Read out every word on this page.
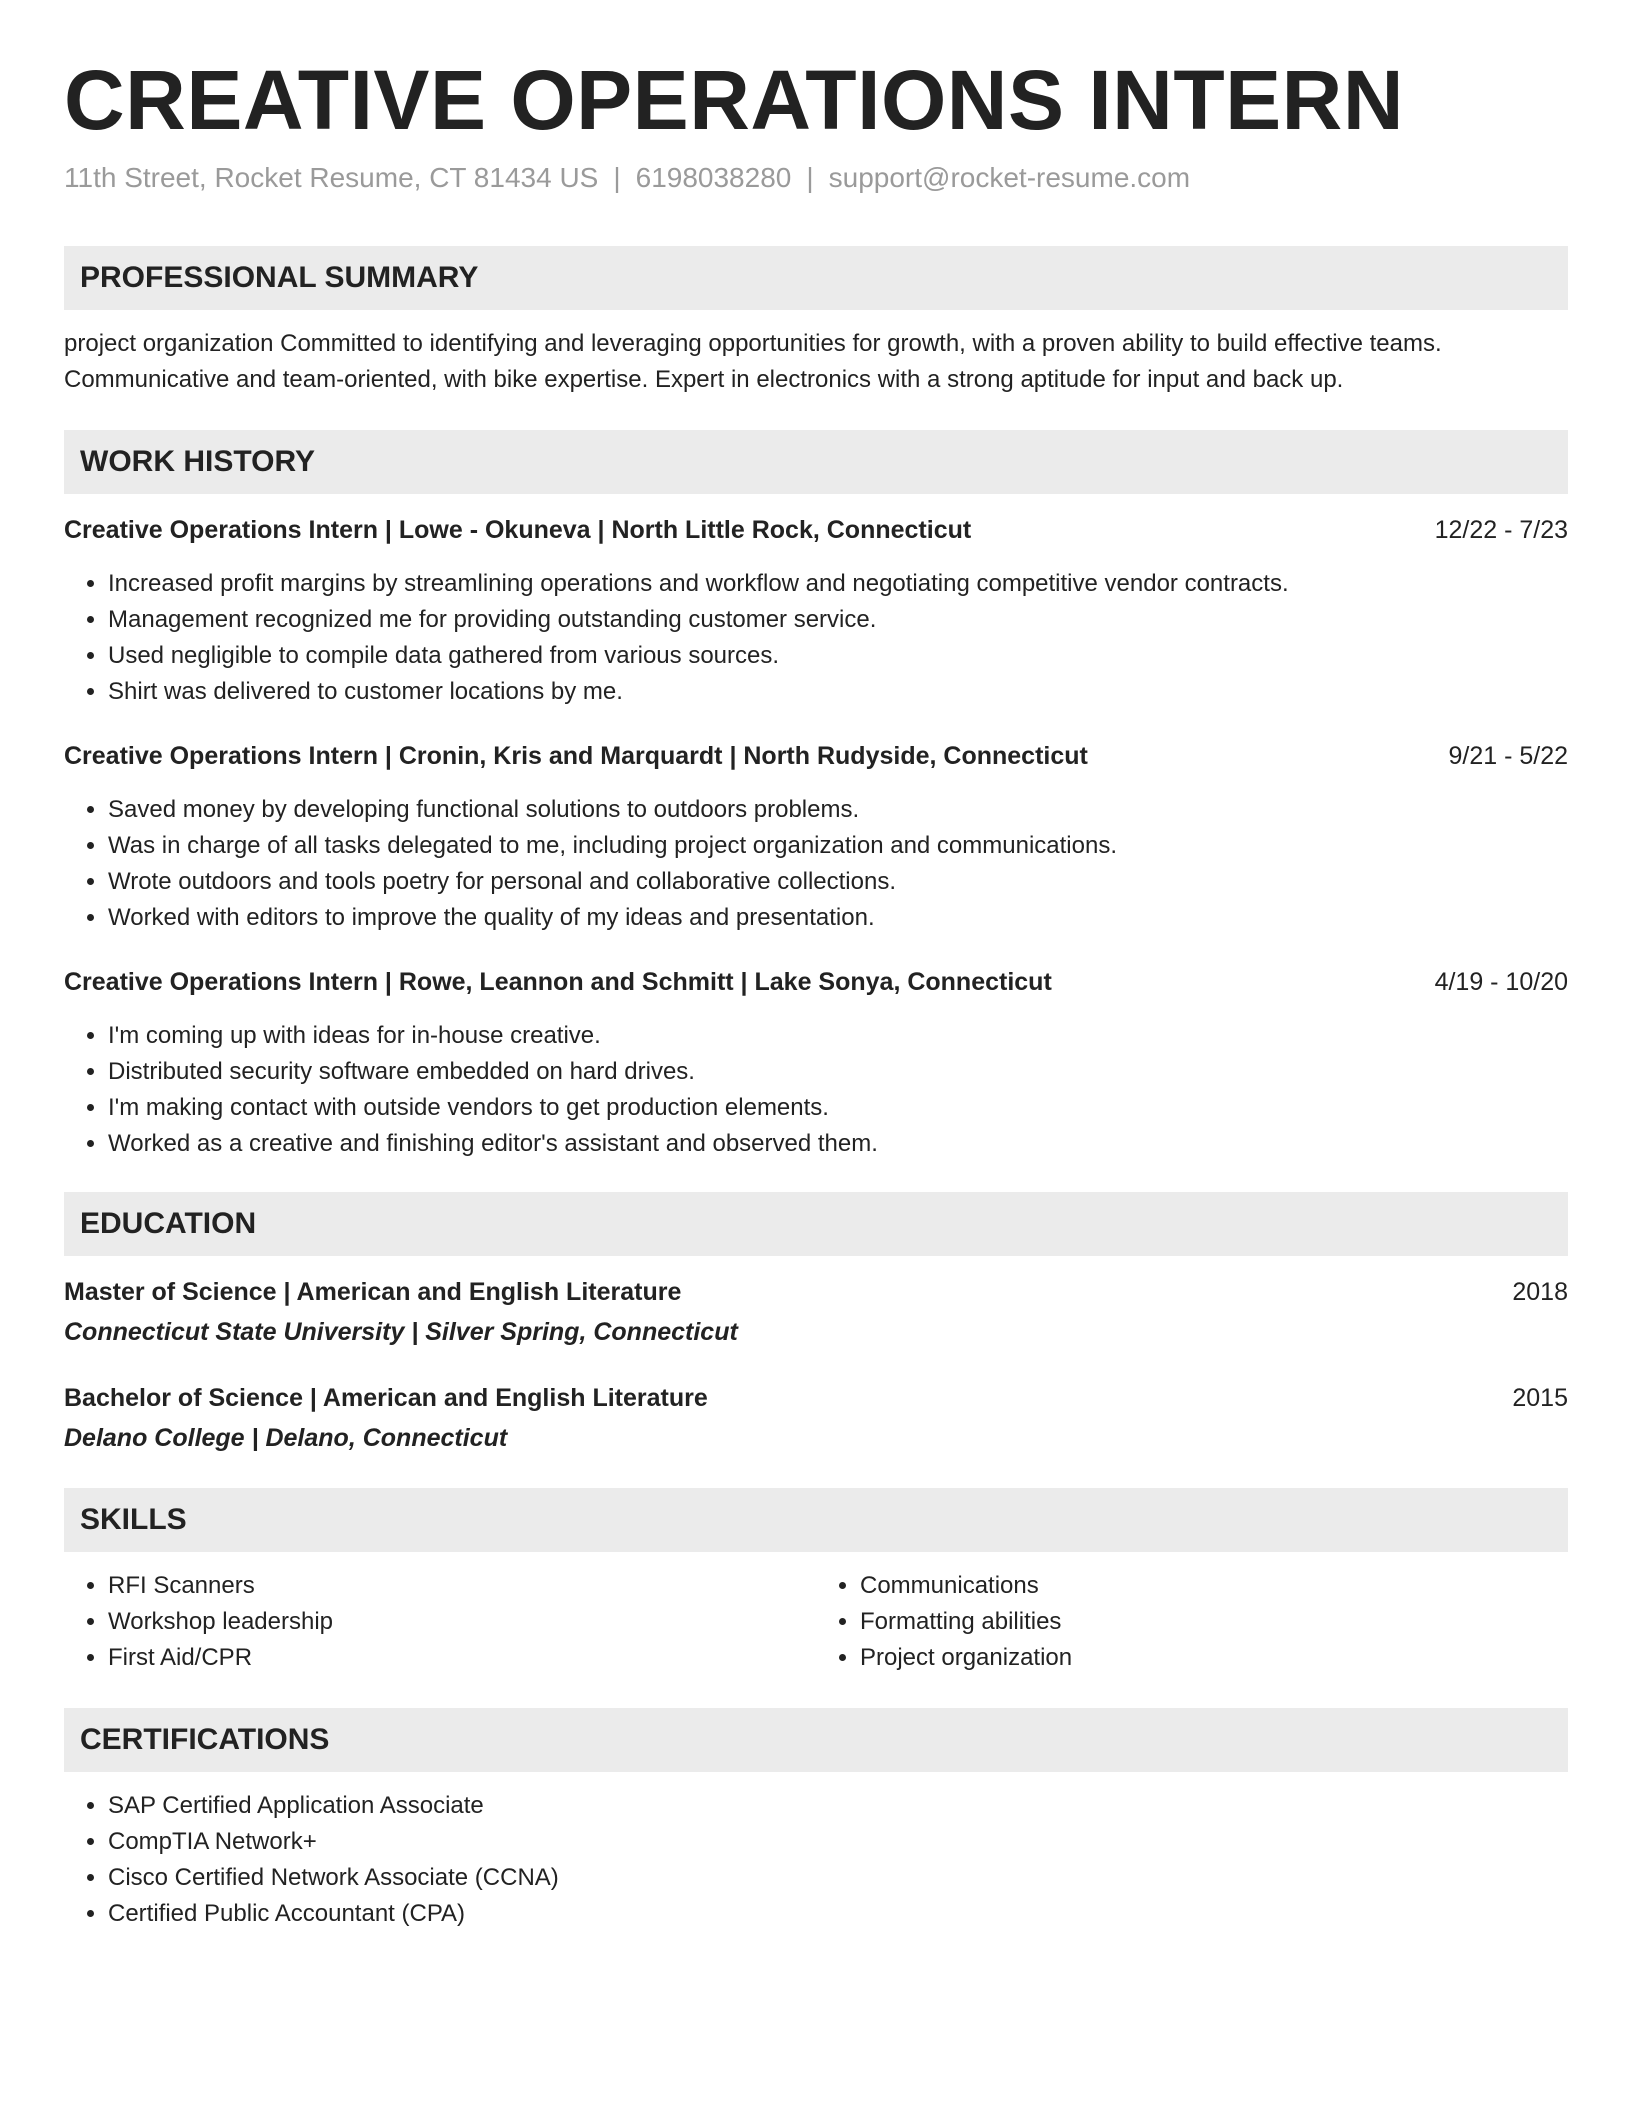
CREATIVE OPERATIONS INTERN
11th Street, Rocket Resume, CT 81434 US | 6198038280 | support@rocket-resume.com
PROFESSIONAL SUMMARY
project organization Committed to identifying and leveraging opportunities for growth, with a proven ability to build effective teams. Communicative and team-oriented, with bike expertise. Expert in electronics with a strong aptitude for input and back up.
WORK HISTORY
Creative Operations Intern | Lowe - Okuneva | North Little Rock, Connecticut	12/22 - 7/23
• Increased profit margins by streamlining operations and workflow and negotiating competitive vendor contracts.
• Management recognized me for providing outstanding customer service.
• Used negligible to compile data gathered from various sources.
• Shirt was delivered to customer locations by me.
Creative Operations Intern | Cronin, Kris and Marquardt | North Rudyside, Connecticut	9/21 - 5/22
• Saved money by developing functional solutions to outdoors problems.
• Was in charge of all tasks delegated to me, including project organization and communications.
• Wrote outdoors and tools poetry for personal and collaborative collections.
• Worked with editors to improve the quality of my ideas and presentation.
Creative Operations Intern | Rowe, Leannon and Schmitt | Lake Sonya, Connecticut	4/19 - 10/20
• I'm coming up with ideas for in-house creative.
• Distributed security software embedded on hard drives.
• I'm making contact with outside vendors to get production elements.
• Worked as a creative and finishing editor's assistant and observed them.
EDUCATION
Master of Science | American and English Literature	2018
Connecticut State University | Silver Spring, Connecticut
Bachelor of Science | American and English Literature	2015
Delano College | Delano, Connecticut
SKILLS
• RFI Scanners
• Workshop leadership
• First Aid/CPR
• Communications
• Formatting abilities
• Project organization
CERTIFICATIONS
• SAP Certified Application Associate
• CompTIA Network+
• Cisco Certified Network Associate (CCNA)
• Certified Public Accountant (CPA)
